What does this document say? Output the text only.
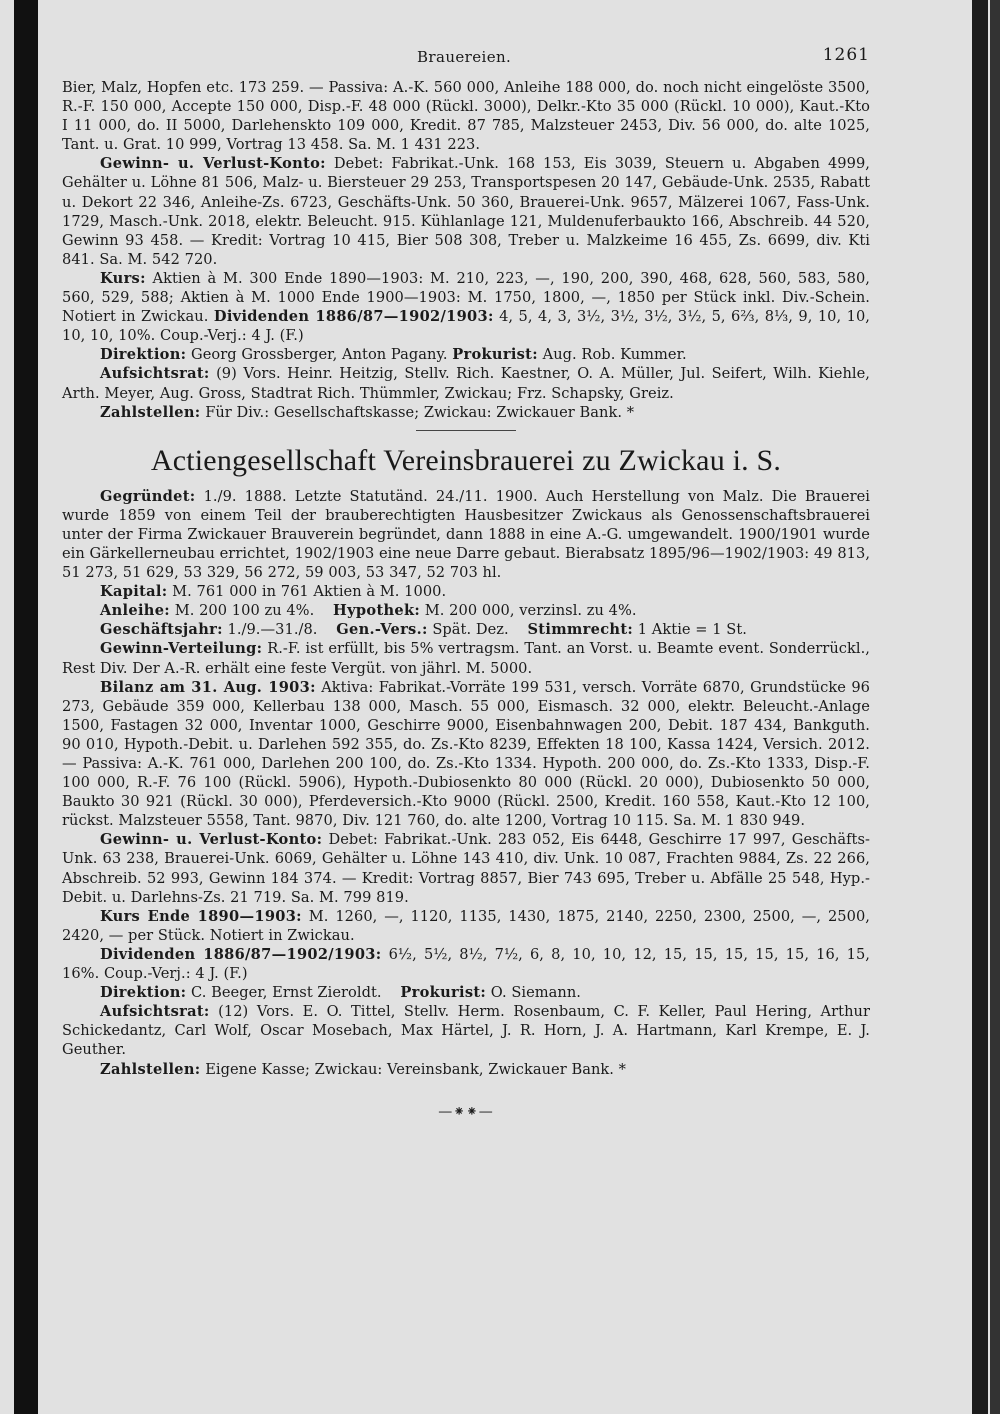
Brauereien.	1261

Bier, Malz, Hopfen etc. 173 259. — Passiva: A.-K. 560 000, Anleihe 188 000, do. noch nicht eingelöste 3500, R.-F. 150 000, Accepte 150 000, Disp.-F. 48 000 (Rückl. 3000), Delkr.-Kto 35 000 (Rückl. 10 000), Kaut.-Kto I 11 000, do. II 5000, Darlehenskto 109 000, Kredit. 87 785, Malzsteuer 2453, Div. 56 000, do. alte 1025, Tant. u. Grat. 10 999, Vortrag 13 458. Sa. M. 1 431 223.

Gewinn- u. Verlust-Konto: Debet: Fabrikat.-Unk. 168 153, Eis 3039, Steuern u. Abgaben 4999, Gehälter u. Löhne 81 506, Malz- u. Biersteuer 29 253, Transportspesen 20 147, Gebäude-Unk. 2535, Rabatt u. Dekort 22 346, Anleihe-Zs. 6723, Geschäfts-Unk. 50 360, Brauerei-Unk. 9657, Mälzerei 1067, Fass-Unk. 1729, Masch.-Unk. 2018, elektr. Beleucht. 915. Kühlanlage 121, Muldenuferbaukto 166, Abschreib. 44 520, Gewinn 93 458. — Kredit: Vortrag 10 415, Bier 508 308, Treber u. Malzkeime 16 455, Zs. 6699, div. Kti 841. Sa. M. 542 720.

Kurs: Aktien à M. 300 Ende 1890—1903: M. 210, 223, —, 190, 200, 390, 468, 628, 560, 583, 580, 560, 529, 588; Aktien à M. 1000 Ende 1900—1903: M. 1750, 1800, —, 1850 per Stück inkl. Div.-Schein. Notiert in Zwickau. Dividenden 1886/87—1902/1903: 4, 5, 4, 3, 3½, 3½, 3½, 3½, 5, 6⅔, 8⅓, 9, 10, 10, 10, 10, 10%. Coup.-Verj.: 4 J. (F.)

Direktion: Georg Grossberger, Anton Pagany. Prokurist: Aug. Rob. Kummer.

Aufsichtsrat: (9) Vors. Heinr. Heitzig, Stellv. Rich. Kaestner, O. A. Müller, Jul. Seifert, Wilh. Kiehle, Arth. Meyer, Aug. Gross, Stadtrat Rich. Thümmler, Zwickau; Frz. Schapsky, Greiz.

Zahlstellen: Für Div.: Gesellschaftskasse; Zwickau: Zwickauer Bank. *

Actiengesellschaft Vereinsbrauerei zu Zwickau i. S.

Gegründet: 1./9. 1888. Letzte Statutänd. 24./11. 1900. Auch Herstellung von Malz. Die Brauerei wurde 1859 von einem Teil der brauberechtigten Hausbesitzer Zwickaus als Genossenschaftsbrauerei unter der Firma Zwickauer Brauverein begründet, dann 1888 in eine A.-G. umgewandelt. 1900/1901 wurde ein Gärkellerneubau errichtet, 1902/1903 eine neue Darre gebaut. Bierabsatz 1895/96—1902/1903: 49 813, 51 273, 51 629, 53 329, 56 272, 59 003, 53 347, 52 703 hl.

Kapital: M. 761 000 in 761 Aktien à M. 1000.

Anleihe: M. 200 100 zu 4%. Hypothek: M. 200 000, verzinsl. zu 4%.

Geschäftsjahr: 1./9.—31./8. Gen.-Vers.: Spät. Dez. Stimmrecht: 1 Aktie = 1 St.

Gewinn-Verteilung: R.-F. ist erfüllt, bis 5% vertragsm. Tant. an Vorst. u. Beamte event. Sonderrückl., Rest Div. Der A.-R. erhält eine feste Vergüt. von jährl. M. 5000.

Bilanz am 31. Aug. 1903: Aktiva: Fabrikat.-Vorräte 199 531, versch. Vorräte 6870, Grundstücke 96 273, Gebäude 359 000, Kellerbau 138 000, Masch. 55 000, Eismasch. 32 000, elektr. Beleucht.-Anlage 1500, Fastagen 32 000, Inventar 1000, Geschirre 9000, Eisenbahnwagen 200, Debit. 187 434, Bankguth. 90 010, Hypoth.-Debit. u. Darlehen 592 355, do. Zs.-Kto 8239, Effekten 18 100, Kassa 1424, Versich. 2012. — Passiva: A.-K. 761 000, Darlehen 200 100, do. Zs.-Kto 1334. Hypoth. 200 000, do. Zs.-Kto 1333, Disp.-F. 100 000, R.-F. 76 100 (Rückl. 5906), Hypoth.-Dubiosenkto 80 000 (Rückl. 20 000), Dubiosenkto 50 000, Baukto 30 921 (Rückl. 30 000), Pferdeversich.-Kto 9000 (Rückl. 2500, Kredit. 160 558, Kaut.-Kto 12 100, rückst. Malzsteuer 5558, Tant. 9870, Div. 121 760, do. alte 1200, Vortrag 10 115. Sa. M. 1 830 949.

Gewinn- u. Verlust-Konto: Debet: Fabrikat.-Unk. 283 052, Eis 6448, Geschirre 17 997, Geschäfts-Unk. 63 238, Brauerei-Unk. 6069, Gehälter u. Löhne 143 410, div. Unk. 10 087, Frachten 9884, Zs. 22 266, Abschreib. 52 993, Gewinn 184 374. — Kredit: Vortrag 8857, Bier 743 695, Treber u. Abfälle 25 548, Hyp.-Debit. u. Darlehns-Zs. 21 719. Sa. M. 799 819.

Kurs Ende 1890—1903: M. 1260, —, 1120, 1135, 1430, 1875, 2140, 2250, 2300, 2500, —, 2500, 2420, — per Stück. Notiert in Zwickau.

Dividenden 1886/87—1902/1903: 6½, 5½, 8½, 7½, 6, 8, 10, 10, 12, 15, 15, 15, 15, 15, 16, 15, 16%. Coup.-Verj.: 4 J. (F.)

Direktion: C. Beeger, Ernst Zieroldt. Prokurist: O. Siemann.

Aufsichtsrat: (12) Vors. E. O. Tittel, Stellv. Herm. Rosenbaum, C. F. Keller, Paul Hering, Arthur Schickedantz, Carl Wolf, Oscar Mosebach, Max Härtel, J. R. Horn, J. A. Hartmann, Karl Krempe, E. J. Geuther.

Zahlstellen: Eigene Kasse; Zwickau: Vereinsbank, Zwickauer Bank. *

—⁕⁕—
